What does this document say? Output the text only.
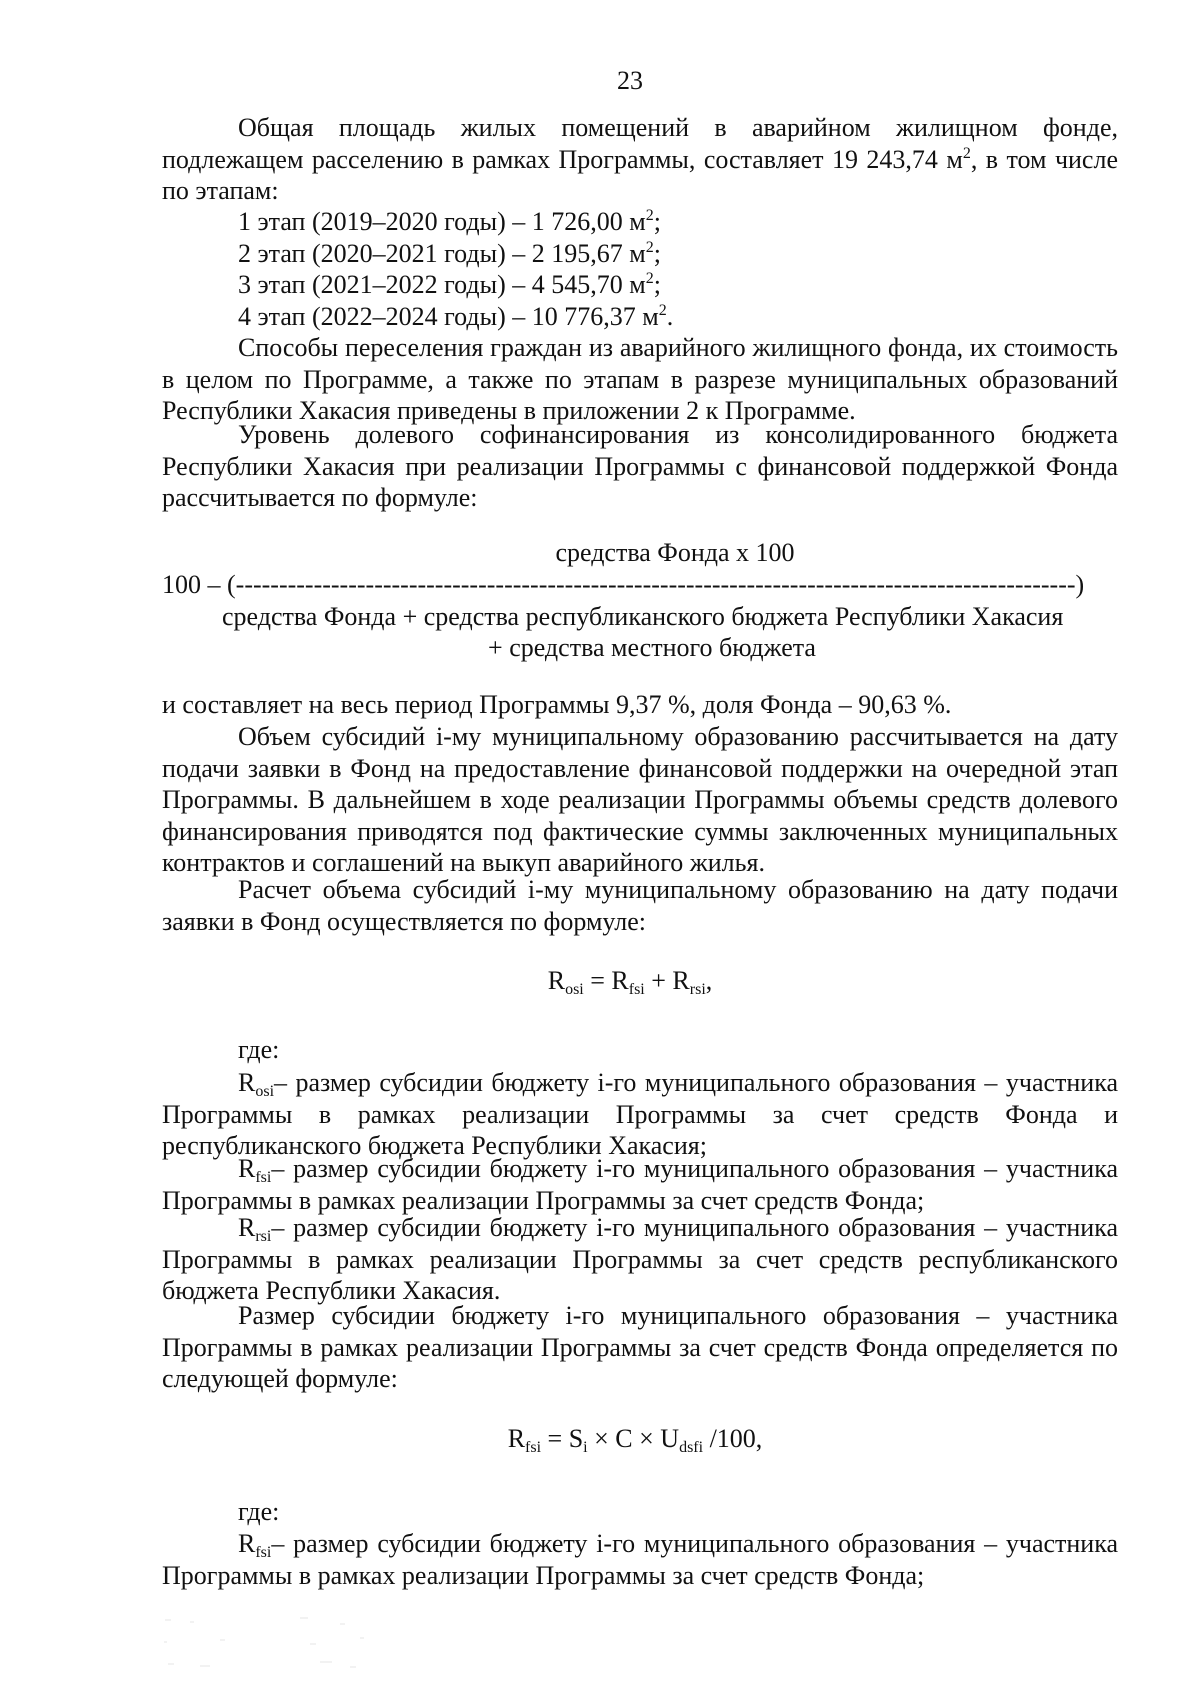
23
Общая площадь жилых помещений в аварийном жилищном фонде, подлежащем расселению в рамках Программы, составляет 19 243,74 $м^2$, в том числе по этапам:
1 этап (2019–2020 годы) – 1 726,00 $м^2$;
2 этап (2020–2021 годы) – 2 195,67 $м^2$;
3 этап (2021–2022 годы) – 4 545,70 $м^2$;
4 этап (2022–2024 годы) – 10 776,37 $м^2$.
Способы переселения граждан из аварийного жилищного фонда, их стоимость в целом по Программе, а также по этапам в разрезе муниципальных образований Республики Хакасия приведены в приложении 2 к Программе.
Уровень долевого софинансирования из консолидированного бюджета Республики Хакасия при реализации Программы с финансовой поддержкой Фонда рассчитывается по формуле:
средства Фонда х 100
100 – (-------------------------------------------------------------------------------------------------)
средства Фонда + средства республиканского бюджета Республики Хакасия
+ средства местного бюджета
и составляет на весь период Программы 9,37 %, доля Фонда – 90,63 %.
Объем субсидий i-му муниципальному образованию рассчитывается на дату подачи заявки в Фонд на предоставление финансовой поддержки на очередной этап Программы. В дальнейшем в ходе реализации Программы объемы средств долевого финансирования приводятся под фактические суммы заключенных муниципальных контрактов и соглашений на выкуп аварийного жилья.
Расчет объема субсидий i-му муниципальному образованию на дату подачи заявки в Фонд осуществляется по формуле:
$R_{osi} = R_{fsi} + R_{rsi}$,
где:
$R_{osi}-$ размер субсидии бюджету i-го муниципального образования – участника Программы в рамках реализации Программы за счет средств Фонда и республиканского бюджета Республики Хакасия;
$R_{fsi}-$ размер субсидии бюджету i-го муниципального образования – участника Программы в рамках реализации Программы за счет средств Фонда;
$R_{rsi}-$ размер субсидии бюджету i-го муниципального образования – участника Программы в рамках реализации Программы за счет средств республиканского бюджета Республики Хакасия.
Размер субсидии бюджету i-го муниципального образования – участника Программы в рамках реализации Программы за счет средств Фонда определяется по следующей формуле:
$R_{fsi} = S_i \times C \times U_{dsfi}$ /100,
где:
$R_{fsi}-$ размер субсидии бюджету i-го муниципального образования – участника Программы в рамках реализации Программы за счет средств Фонда;
